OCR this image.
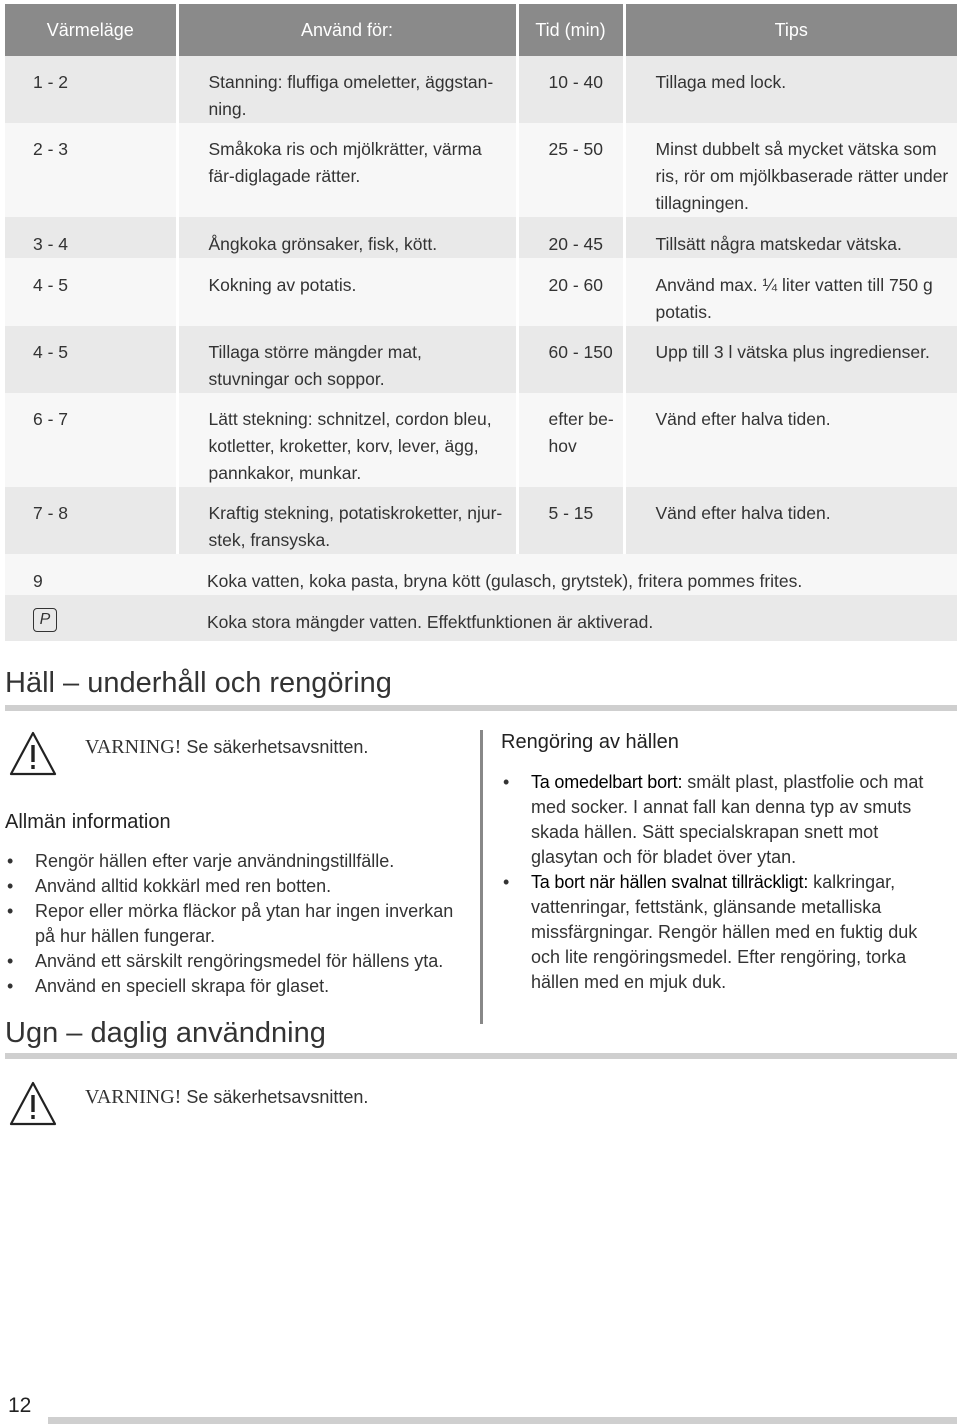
Värmeläge	Använd för:	Tid (min)	Tips
1 - 2	Stanning: fluffiga omeletter, äggstan-ning.	10 - 40	Tillaga med lock.
2 - 3	Småkoka ris och mjölkrätter, värma fär-diglagade rätter.	25 - 50	Minst dubbelt så mycket vätska som ris, rör om mjölkbaserade rätter under tillagningen.
3 - 4	Ångkoka grönsaker, fisk, kött.	20 - 45	Tillsätt några matskedar vätska.
4 - 5	Kokning av potatis.	20 - 60	Använd max. ¼ liter vatten till 750 g potatis.
4 - 5	Tillaga större mängder mat, stuvningar och soppor.	60 - 150	Upp till 3 l vätska plus ingredienser.
6 - 7	Lätt stekning: schnitzel, cordon bleu, kotletter, kroketter, korv, lever, ägg, pannkakor, munkar.	efter be-hov	Vänd efter halva tiden.
7 - 8	Kraftig stekning, potatiskroketter, njur-stek, fransyska.	5 - 15	Vänd efter halva tiden.
9	Koka vatten, koka pasta, bryna kött (gulasch, grytstek), fritera pommes frites.		
P	Koka stora mängder vatten. Effektfunktionen är aktiverad.		
Häll – underhåll och rengöring
VARNING! Se säkerhetsavsnitten.
Allmän information
• Rengör hällen efter varje användningstillfälle.
• Använd alltid kokkärl med ren botten.
• Repor eller mörka fläckor på ytan har ingen inverkan på hur hällen fungerar.
• Använd ett särskilt rengöringsmedel för hällens yta.
• Använd en speciell skrapa för glaset.
Rengöring av hällen
• Ta omedelbart bort: smält plast, plastfolie och mat med socker. I annat fall kan denna typ av smuts skada hällen. Sätt specialskrapan snett mot glasytan och för bladet över ytan.
• Ta bort när hällen svalnat tillräckligt: kalkringar, vattenringar, fettstänk, glänsande metalliska missfärgningar. Rengör hällen med en fuktig duk och lite rengöringsmedel. Efter rengöring, torka hällen med en mjuk duk.
Ugn – daglig användning
VARNING! Se säkerhetsavsnitten.
12
